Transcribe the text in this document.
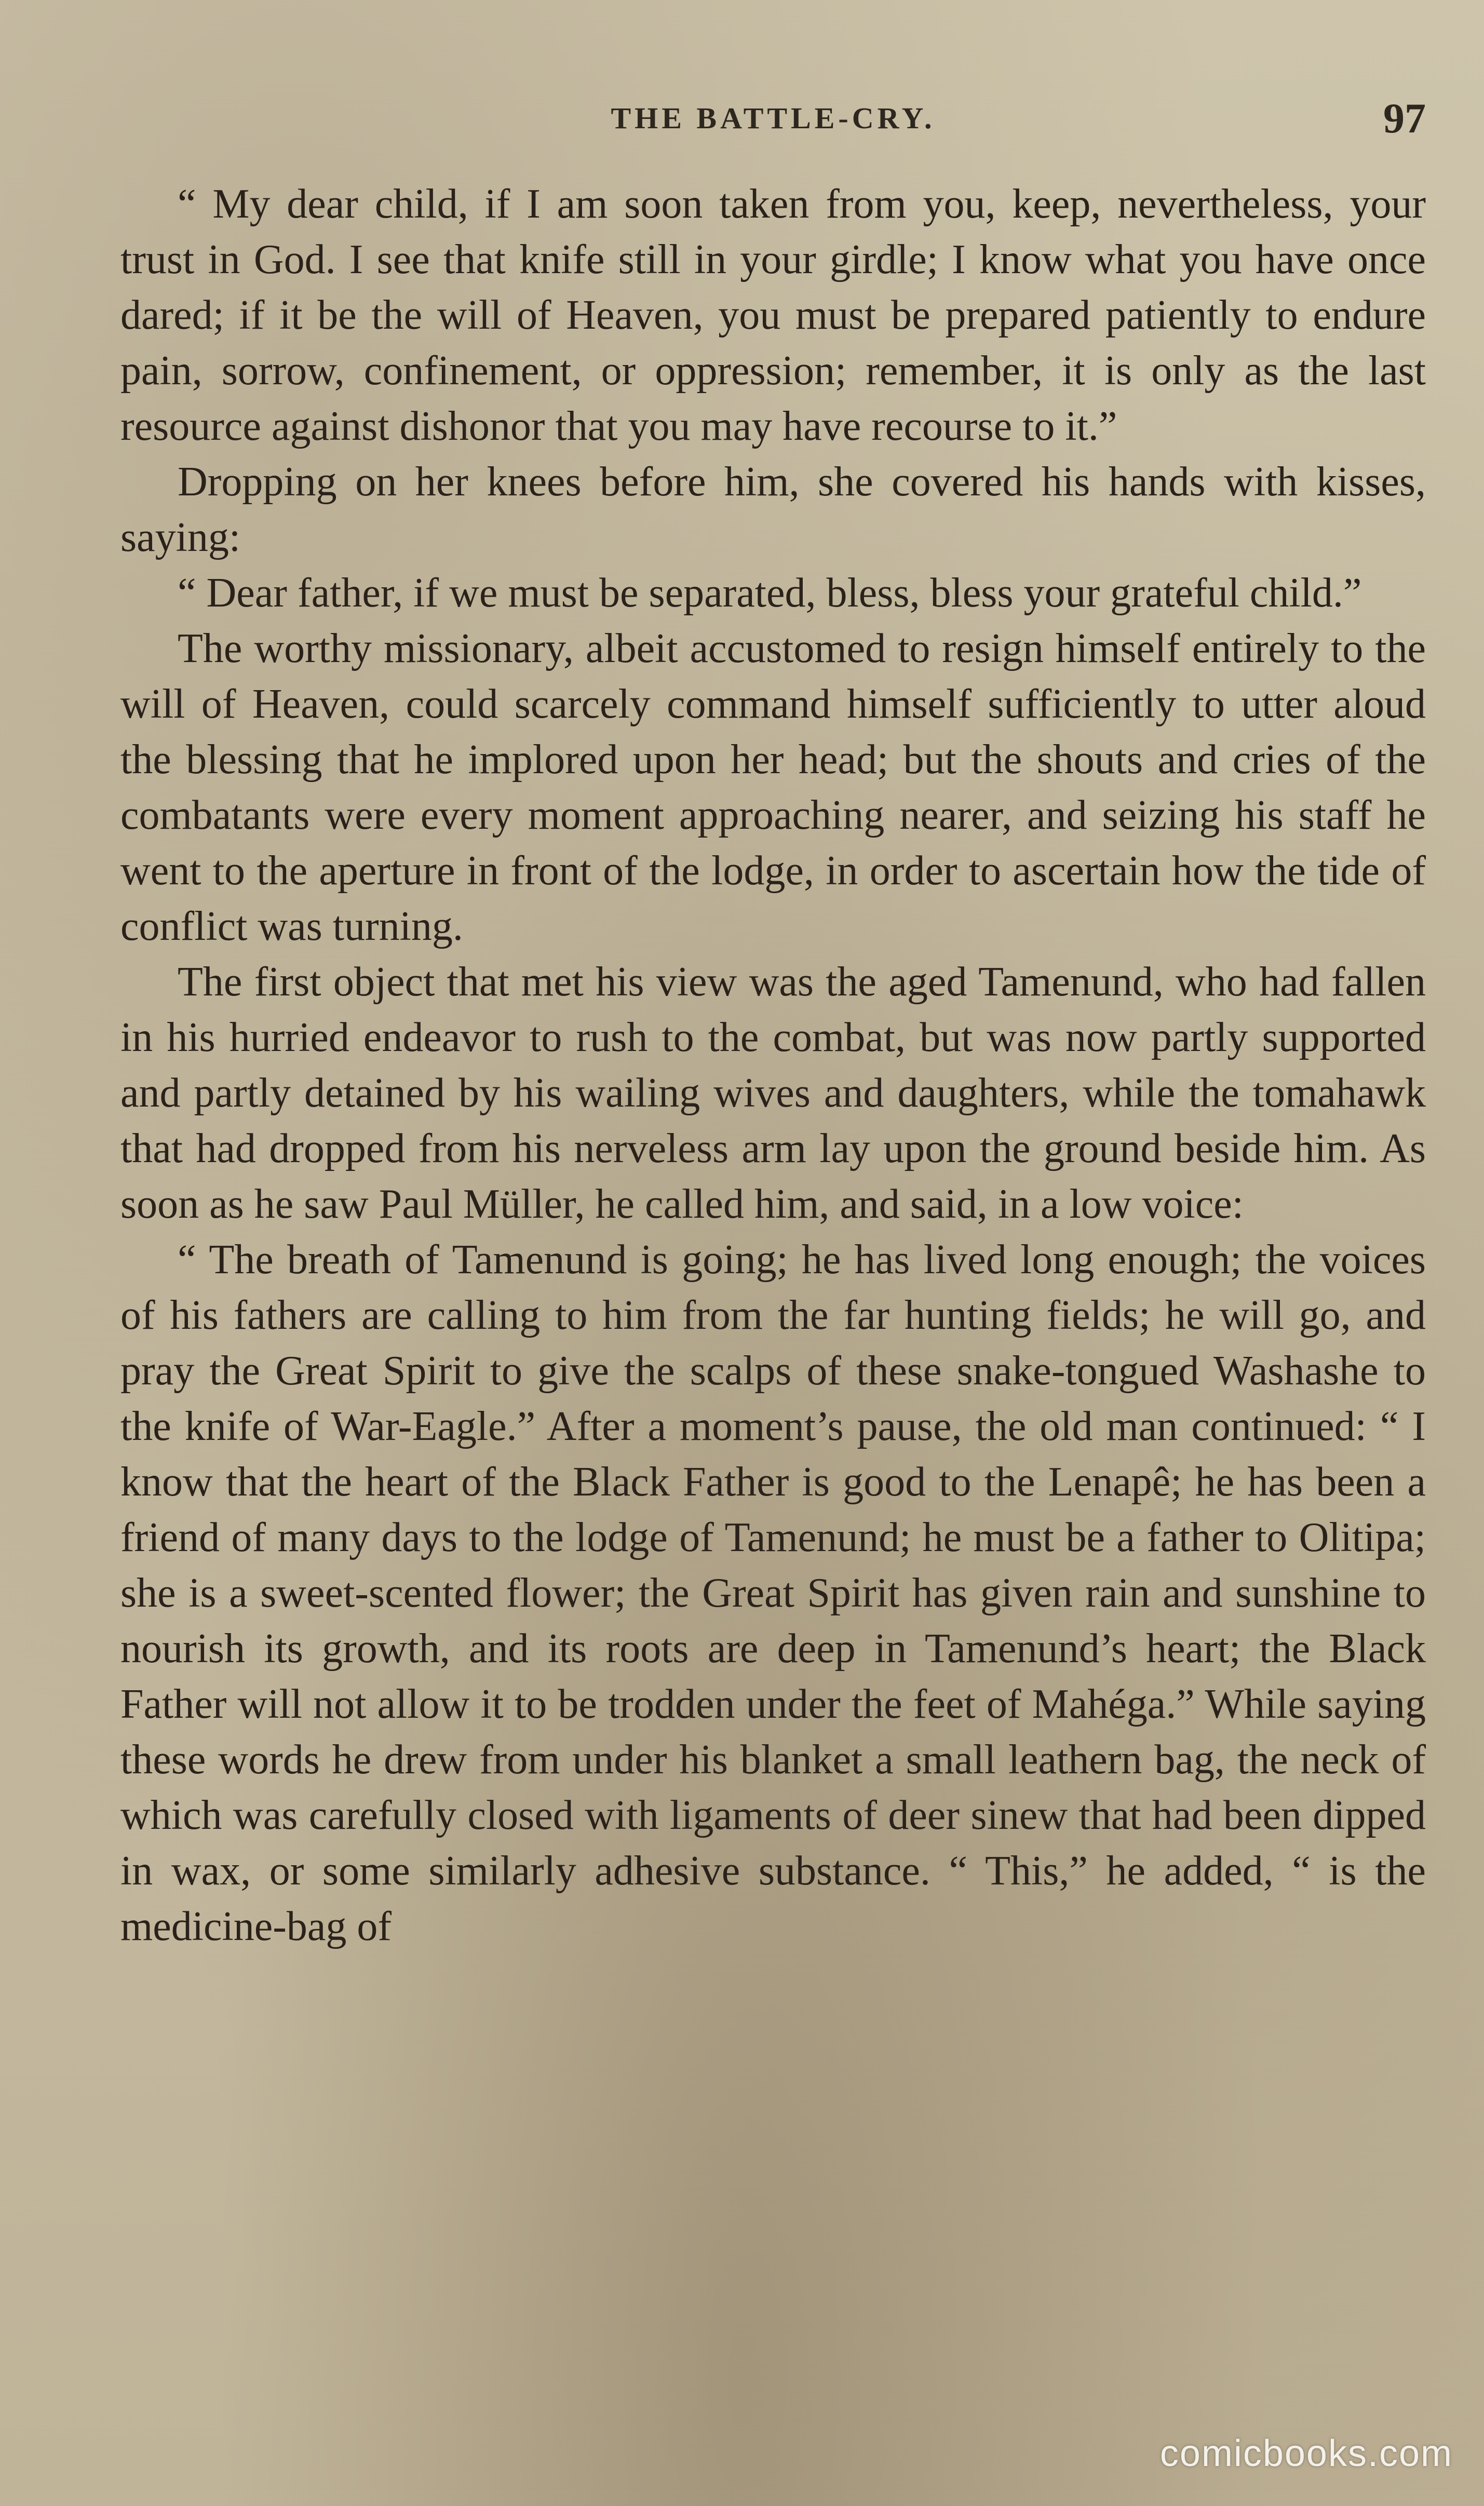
THE BATTLE-CRY.	97

“ My dear child, if I am soon taken from you, keep, nevertheless, your trust in God. I see that knife still in your girdle; I know what you have once dared; if it be the will of Heaven, you must be prepared patiently to endure pain, sorrow, confinement, or oppression; remember, it is only as the last resource against dishonor that you may have recourse to it.”

Dropping on her knees before him, she covered his hands with kisses, saying:

“ Dear father, if we must be separated, bless, bless your grateful child.”

The worthy missionary, albeit accustomed to resign himself entirely to the will of Heaven, could scarcely command himself sufficiently to utter aloud the blessing that he implored upon her head; but the shouts and cries of the combatants were every moment approaching nearer, and seizing his staff he went to the aperture in front of the lodge, in order to ascertain how the tide of conflict was turning.

The first object that met his view was the aged Tamenund, who had fallen in his hurried endeavor to rush to the combat, but was now partly supported and partly detained by his wailing wives and daughters, while the tomahawk that had dropped from his nerveless arm lay upon the ground beside him. As soon as he saw Paul Müller, he called him, and said, in a low voice:

“ The breath of Tamenund is going; he has lived long enough; the voices of his fathers are calling to him from the far hunting fields; he will go, and pray the Great Spirit to give the scalps of these snake-tongued Washashe to the knife of War-Eagle.” After a moment’s pause, the old man continued: “ I know that the heart of the Black Father is good to the Lenapê; he has been a friend of many days to the lodge of Tamenund; he must be a father to Olitipa; she is a sweet-scented flower; the Great Spirit has given rain and sunshine to nourish its growth, and its roots are deep in Tamenund’s heart; the Black Father will not allow it to be trodden under the feet of Mahéga.” While saying these words he drew from under his blanket a small leathern bag, the neck of which was carefully closed with ligaments of deer sinew that had been dipped in wax, or some similarly adhesive substance. “ This,” he added, “ is the medicine-bag of

comicbooks.com
